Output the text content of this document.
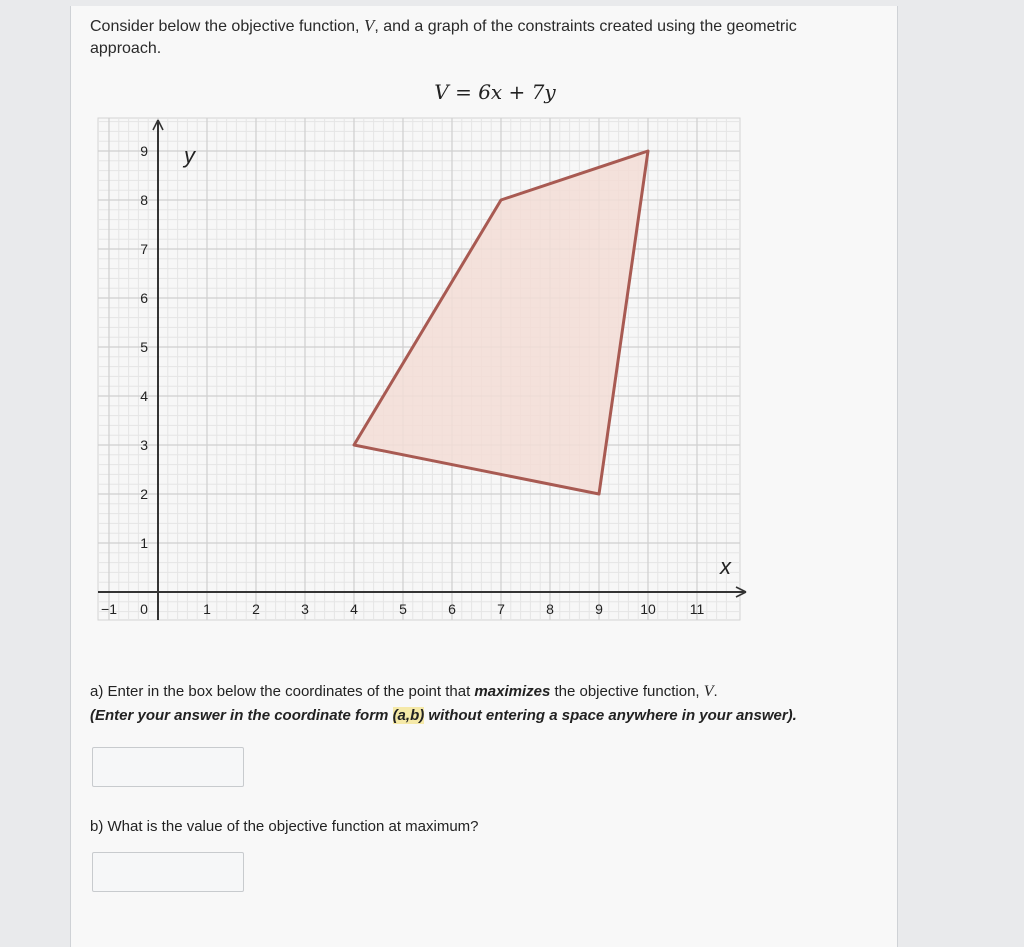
Consider below the objective function, V, and a graph of the constraints created using the geometric approach.
V = 6x + 7y
−1 0	1	2	3	4	5	6	7	8	9	10 11
1
2
3
4
5
6
7
8
9
x
y
a) Enter in the box below the coordinates of the point that maximizes the objective function, V.
(Enter your answer in the coordinate form (a,b) without entering a space anywhere in your answer).
b) What is the value of the objective function at maximum?
